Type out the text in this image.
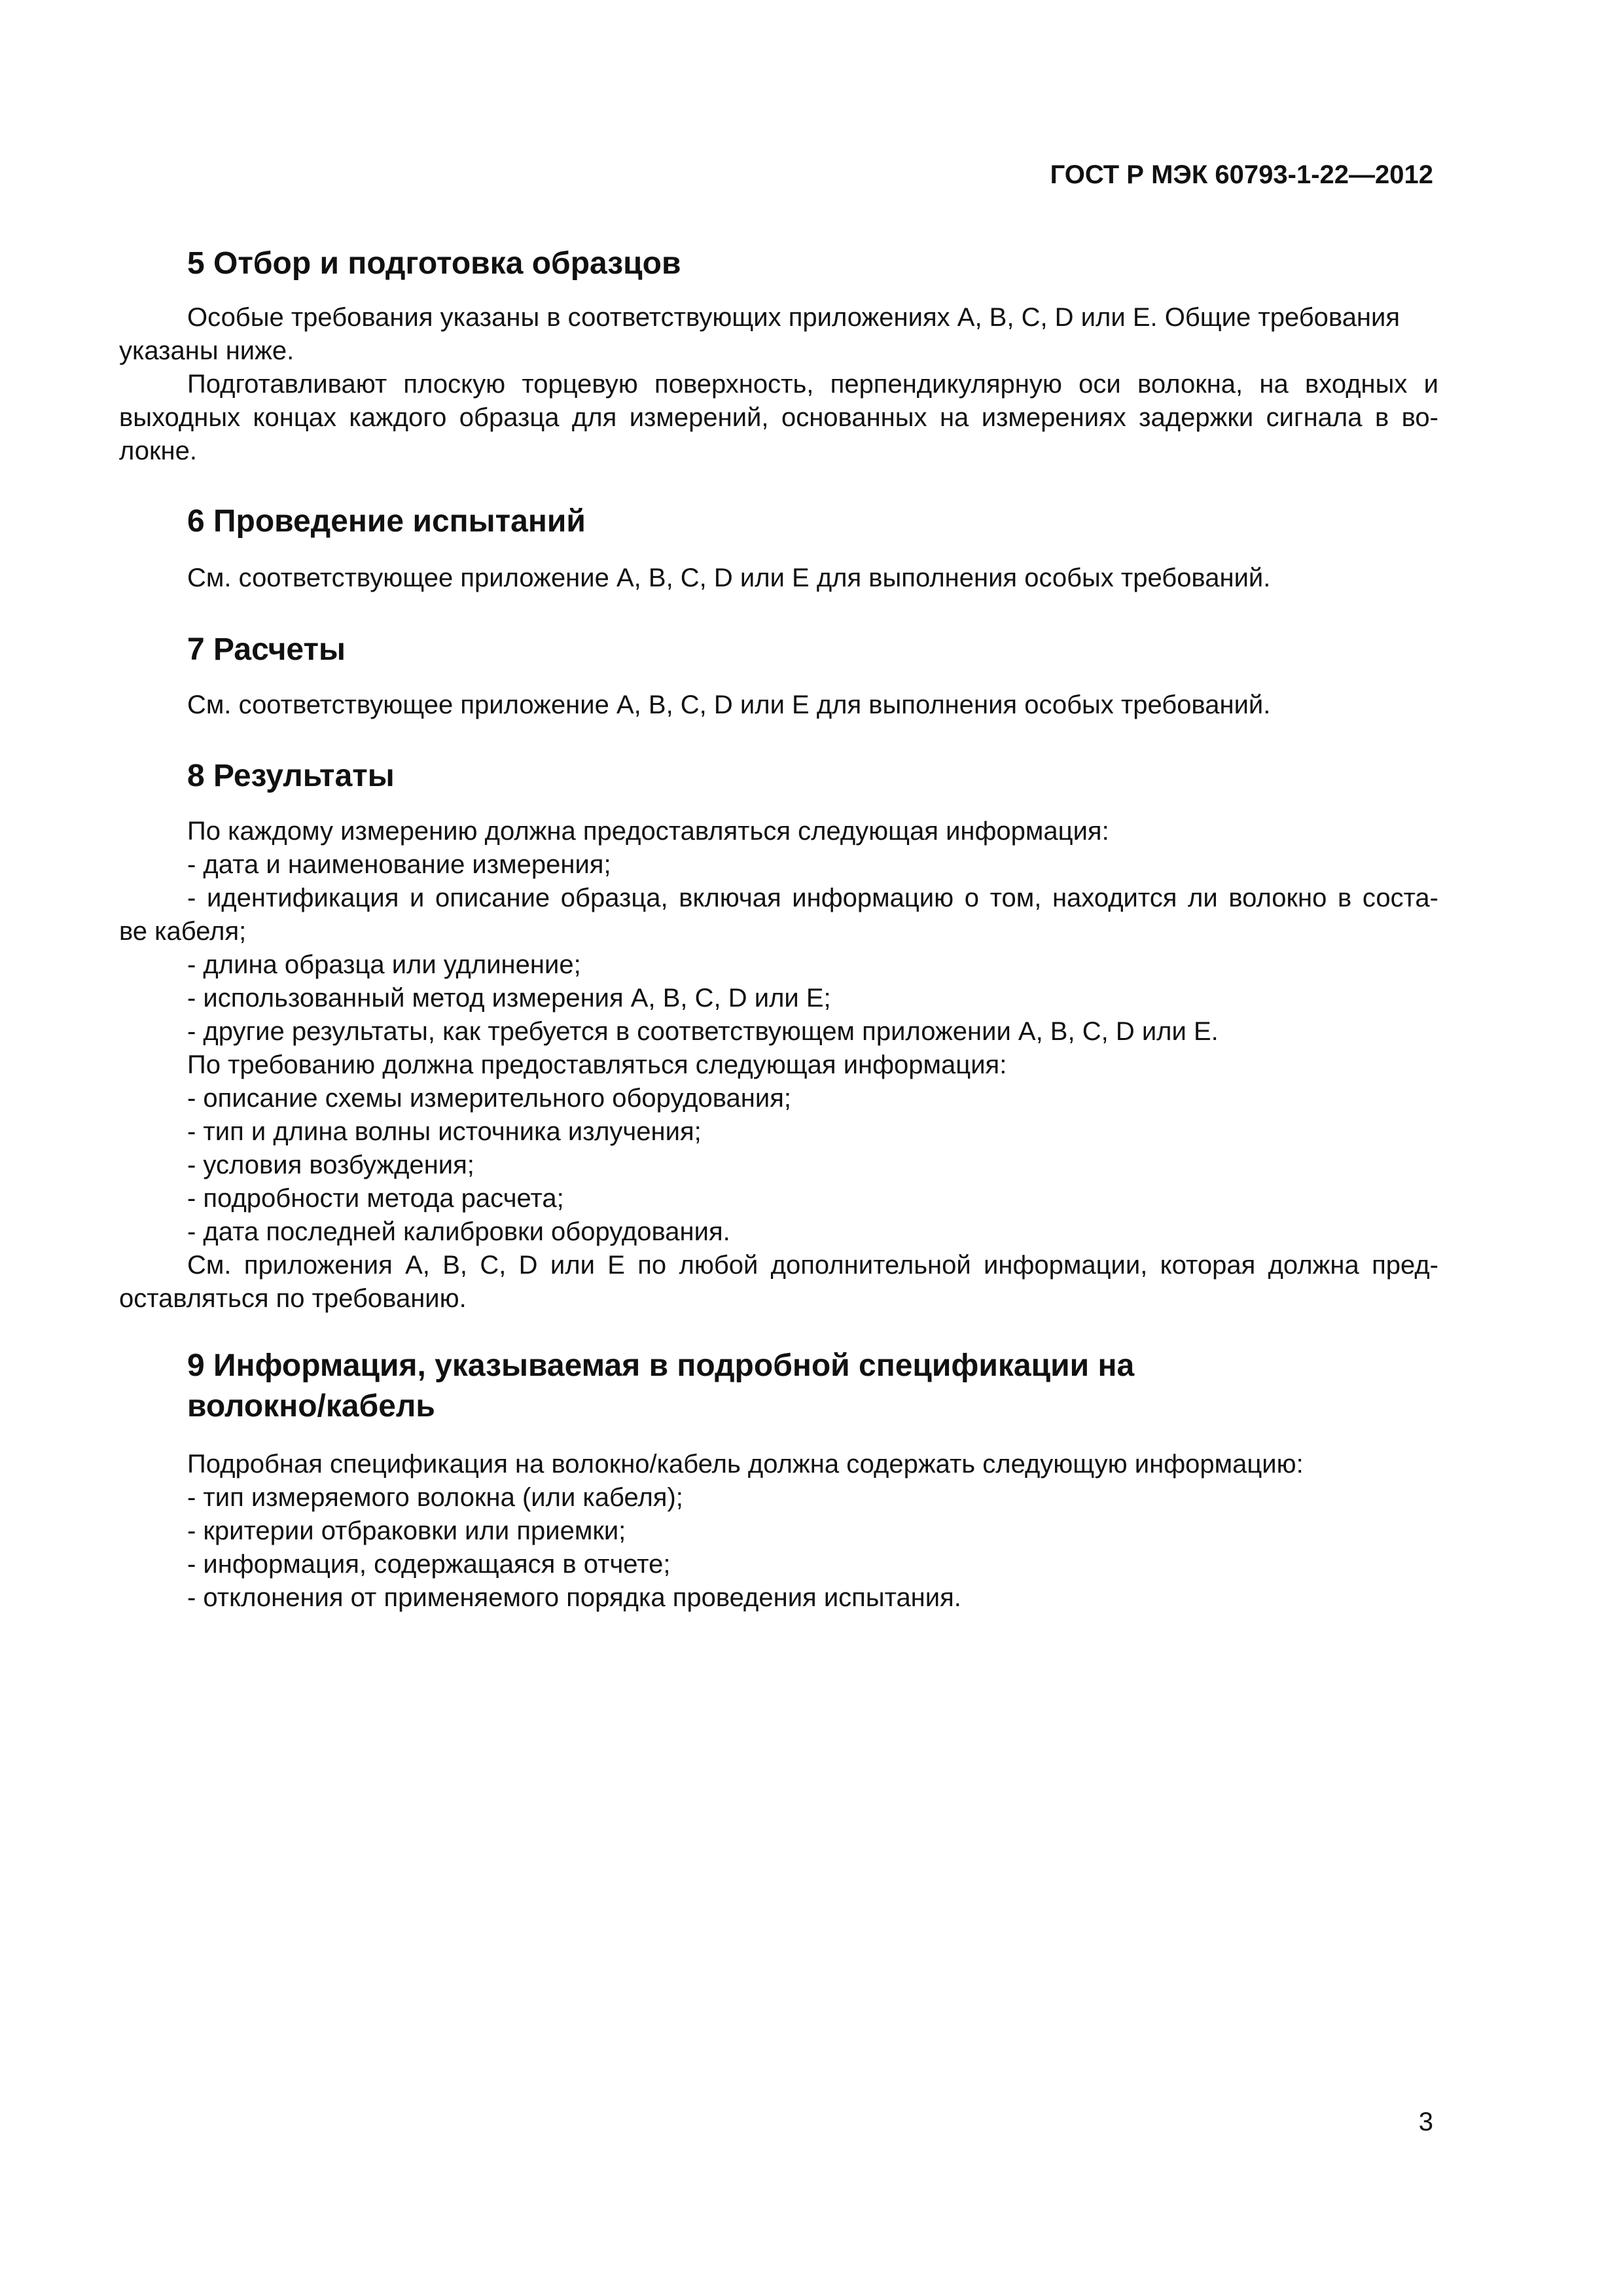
ГОСТ Р МЭК 60793-1-22—2012
5 Отбор и подготовка образцов
Особые требования указаны в соответствующих приложениях А, В, С, D или Е. Общие требования
указаны ниже.
Подготавливают плоскую торцевую поверхность, перпендикулярную оси волокна, на входных и
выходных концах каждого образца для измерений, основанных на измерениях задержки сигнала в во-
локне.
6 Проведение испытаний
См. соответствующее приложение А, В, С, D или Е для выполнения особых требований.
7 Расчеты
См. соответствующее приложение А, В, С, D или Е для выполнения особых требований.
8 Результаты
По каждому измерению должна предоставляться следующая информация:
- дата и наименование измерения;
- идентификация и описание образца, включая информацию о том, находится ли волокно в соста-
ве кабеля;
- длина образца или удлинение;
- использованный метод измерения А, В, С, D или Е;
- другие результаты, как требуется в соответствующем приложении А, В, С, D или Е.
По требованию должна предоставляться следующая информация:
- описание схемы измерительного оборудования;
- тип и длина волны источника излучения;
- условия возбуждения;
- подробности метода расчета;
- дата последней калибровки оборудования.
См. приложения А, В, С, D или Е по любой дополнительной информации, которая должна пред-
оставляться по требованию.
9 Информация, указываемая в подробной спецификации на
волокно/кабель
Подробная спецификация на волокно/кабель должна содержать следующую информацию:
- тип измеряемого волокна (или кабеля);
- критерии отбраковки или приемки;
- информация, содержащаяся в отчете;
- отклонения от применяемого порядка проведения испытания.
3
